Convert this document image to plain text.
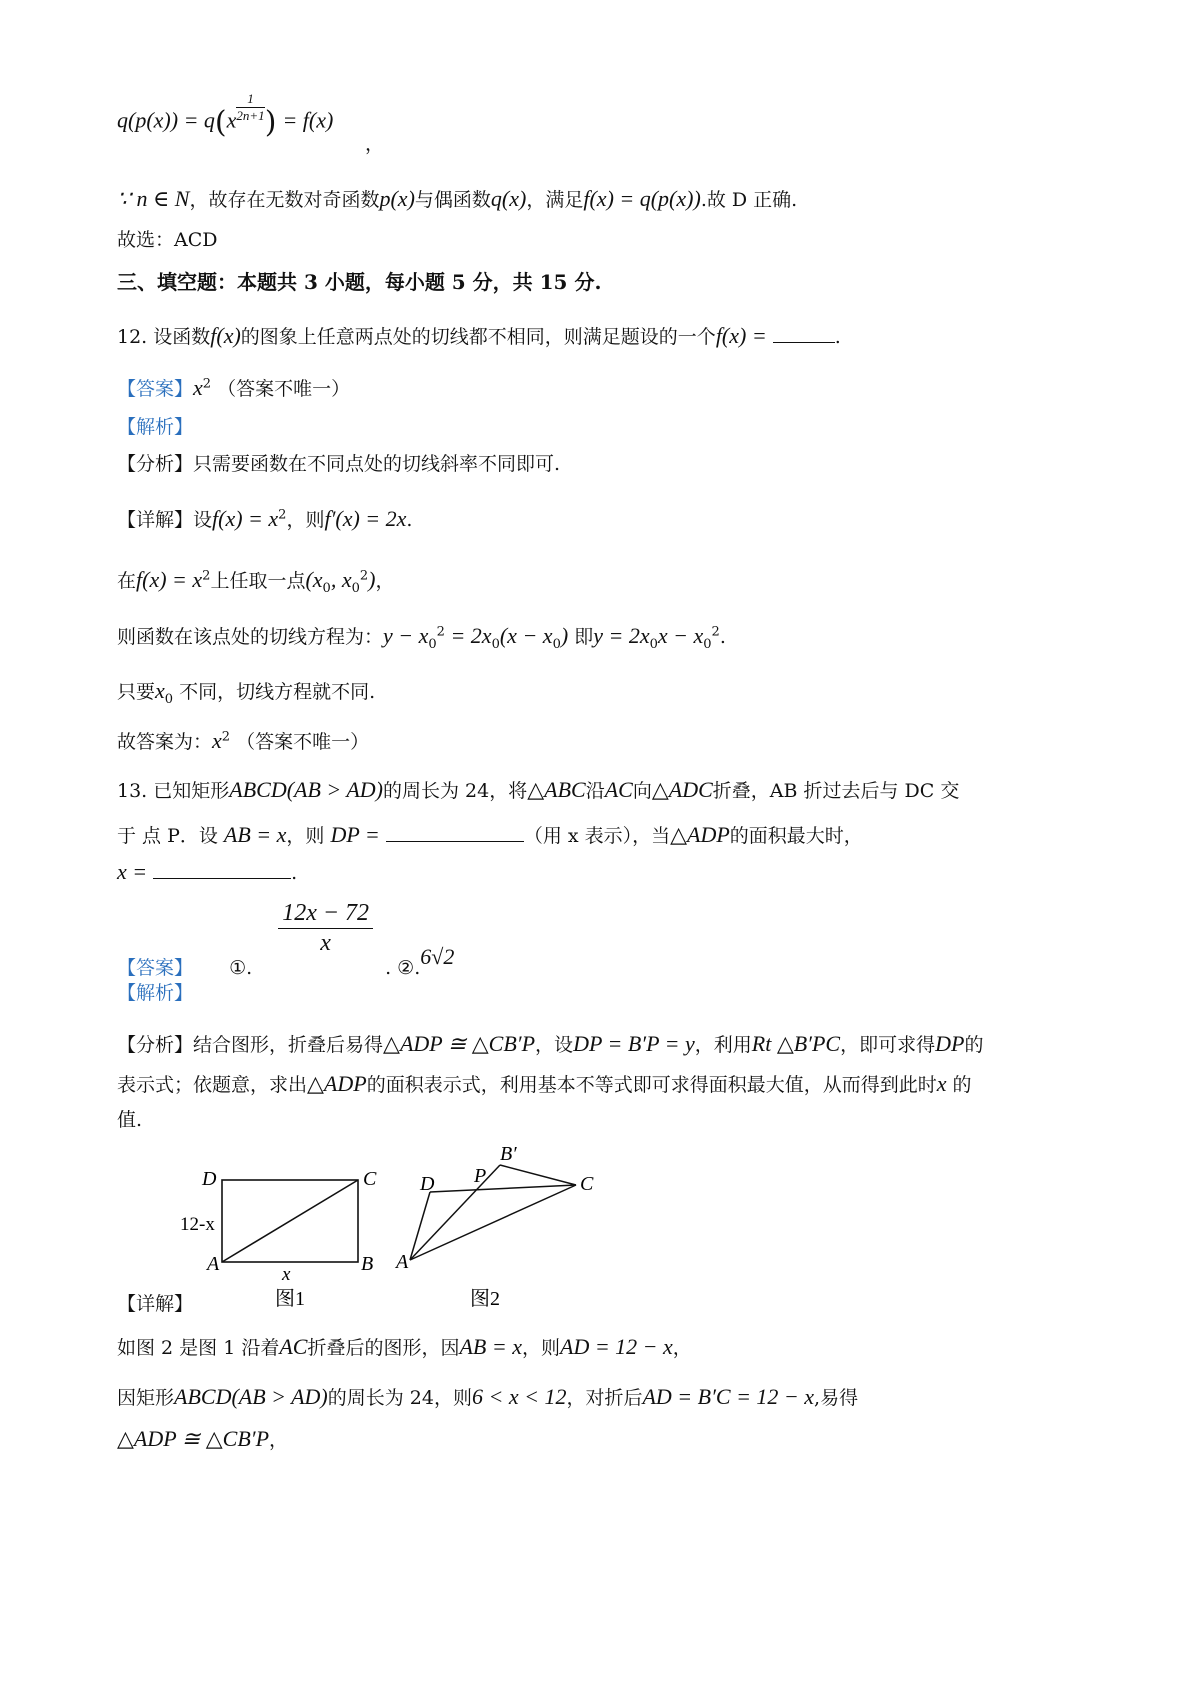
$q(p(x)) = q(x \frac{1}{2n+1}$ ) = f(x)
，
∵ n ∈ N，故存在无数对奇函数p(x)与偶函数q(x)，满足f(x) = q(p(x)).故 D 正确.
故选：ACD
三、填空题：本题共 3 小题，每小题 5 分，共 15 分.
12. 设函数f(x)的图象上任意两点处的切线都不相同，则满足题设的一个f(x) =	.
【答案】$x^2$ （答案不唯一）
【解析】
【分析】只需要函数在不同点处的切线斜率不同即可.
【详解】设$f(x) = x^2$，则f′(x) = 2x.
在$f(x) = x^2$上任取一点($x_0$, $x_0^2$)，
则函数在该点处的切线方程为：$y - x_0^2 = 2x_0(x - x_0)$ 即$y = 2x_0x - x_0^2$.
只要$x_0$ 不同，切线方程就不同.
故答案为：$x^2$ （答案不唯一）
13. 已知矩形ABCD(AB > AD)的周长为 24，将△ABC沿AC向△ADC折叠，AB 折过去后与 DC 交
于 点 P．设 AB = x，则 DP =	（用 x 表示），当△ADP的面积最大时，
x =	.
【答案】 ①.
$\frac{12x - 72}{x}$
. ②.6√2
【解析】
【分析】结合图形，折叠后易得△ADP ≅ △CB′P，设DP = B′P = y，利用Rt △B′PC，即可求得DP的
表示式；依题意，求出△ADP的面积表示式，利用基本不等式即可求得面积最大值，从而得到此时x 的
值.
D	C
A	B
12-x
x
图1
B′
D P	C
A
图2
【详解】
如图 2 是图 1 沿着AC折叠后的图形，因AB = x，则AD = 12 − x，
因矩形ABCD(AB > AD)的周长为 24，则6 < x < 12，对折后AD = B′C = 12 − x,易得
△ADP ≅ △CB′P，
